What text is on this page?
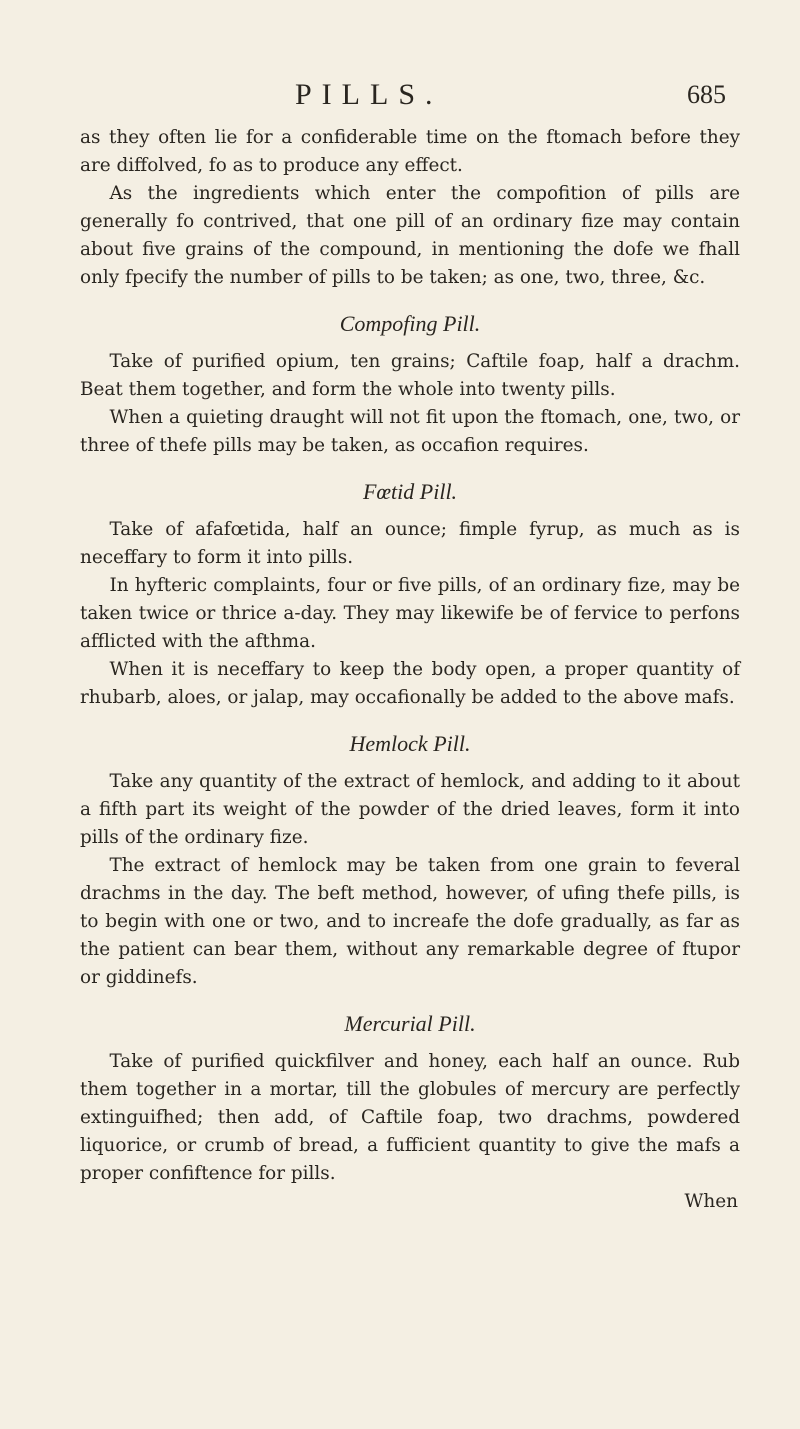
PILLS.	685

as they often lie for a confiderable time on the ftomach before they are diffolved, fo as to produce any effect.

As the ingredients which enter the compofition of pills are generally fo contrived, that one pill of an ordinary fize may contain about five grains of the compound, in mentioning the dofe we fhall only fpecify the number of pills to be taken; as one, two, three, &c.

Compofing Pill.

Take of purified opium, ten grains; Caftile foap, half a drachm. Beat them together, and form the whole into twenty pills.

When a quieting draught will not fit upon the ftomach, one, two, or three of thefe pills may be taken, as occafion requires.

Fœtid Pill.

Take of afafœtida, half an ounce; fimple fyrup, as much as is neceffary to form it into pills.

In hyfteric complaints, four or five pills, of an ordinary fize, may be taken twice or thrice a-day. They may likewife be of fervice to perfons afflicted with the afthma.

When it is neceffary to keep the body open, a proper quantity of rhubarb, aloes, or jalap, may occafionally be added to the above mafs.

Hemlock Pill.

Take any quantity of the extract of hemlock, and adding to it about a fifth part its weight of the powder of the dried leaves, form it into pills of the ordinary fize.

The extract of hemlock may be taken from one grain to feveral drachms in the day. The beft method, however, of ufing thefe pills, is to begin with one or two, and to increafe the dofe gradually, as far as the patient can bear them, without any remarkable degree of ftupor or giddinefs.

Mercurial Pill.

Take of purified quickfilver and honey, each half an ounce. Rub them together in a mortar, till the globules of mercury are perfectly extinguifhed; then add, of Caftile foap, two drachms, powdered liquorice, or crumb of bread, a fufficient quantity to give the mafs a proper confiftence for pills.

When
